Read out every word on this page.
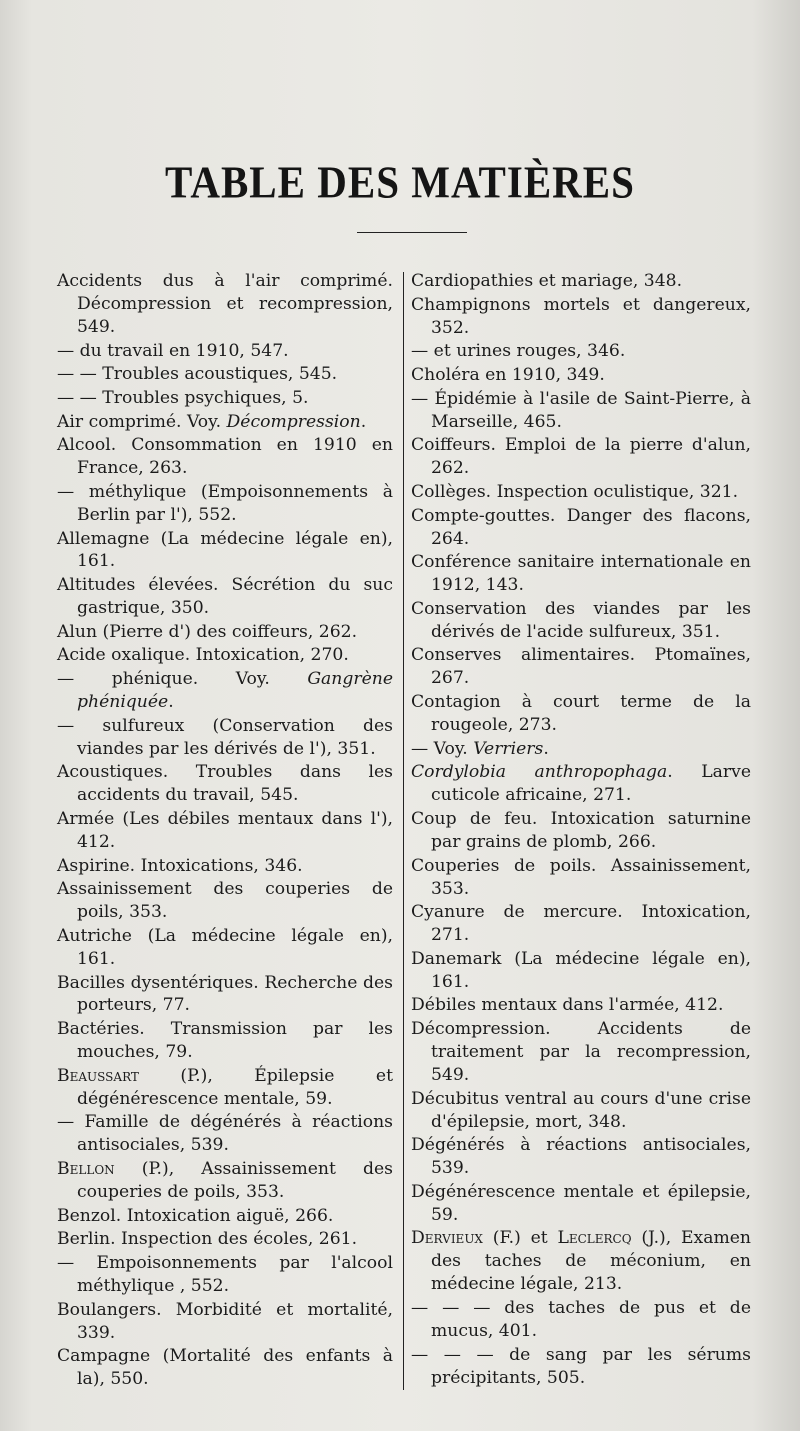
TABLE DES MATIÈRES

Accidents dus à l'air comprimé. Décompression et recompression, 549.

— du travail en 1910, 547.

— — Troubles acoustiques, 545.

— — Troubles psychiques, 5.

Air comprimé. Voy. Décompression.

Alcool. Consommation en 1910 en France, 263.

— méthylique (Empoisonnements à Berlin par l'), 552.

Allemagne (La médecine légale en), 161.

Altitudes élevées. Sécrétion du suc gastrique, 350.

Alun (Pierre d') des coiffeurs, 262.

Acide oxalique. Intoxication, 270.

— phénique. Voy. Gangrène phéniquée.

— sulfureux (Conservation des viandes par les dérivés de l'), 351.

Acoustiques. Troubles dans les accidents du travail, 545.

Armée (Les débiles mentaux dans l'), 412.

Aspirine. Intoxications, 346.

Assainissement des couperies de poils, 353.

Autriche (La médecine légale en), 161.

Bacilles dysentériques. Recherche des porteurs, 77.

Bactéries. Transmission par les mouches, 79.

Beaussart (P.), Épilepsie et dégénérescence mentale, 59.

— Famille de dégénérés à réactions antisociales, 539.

Bellon (P.), Assainissement des couperies de poils, 353.

Benzol. Intoxication aiguë, 266.

Berlin. Inspection des écoles, 261.

— Empoisonnements par l'alcool méthylique , 552.

Boulangers. Morbidité et mortalité, 339.

Campagne (Mortalité des enfants à la), 550.

Cardiopathies et mariage, 348.

Champignons mortels et dangereux, 352.

— et urines rouges, 346.

Choléra en 1910, 349.

— Épidémie à l'asile de Saint-Pierre, à Marseille, 465.

Coiffeurs. Emploi de la pierre d'alun, 262.

Collèges. Inspection oculistique, 321.

Compte-gouttes. Danger des flacons, 264.

Conférence sanitaire internationale en 1912, 143.

Conservation des viandes par les dérivés de l'acide sulfureux, 351.

Conserves alimentaires. Ptomaïnes, 267.

Contagion à court terme de la rougeole, 273.

— Voy. Verriers.

Cordylobia anthropophaga. Larve cuticole africaine, 271.

Coup de feu. Intoxication saturnine par grains de plomb, 266.

Couperies de poils. Assainissement, 353.

Cyanure de mercure. Intoxication, 271.

Danemark (La médecine légale en), 161.

Débiles mentaux dans l'armée, 412.

Décompression. Accidents de traitement par la recompression, 549.

Décubitus ventral au cours d'une crise d'épilepsie, mort, 348.

Dégénérés à réactions antisociales, 539.

Dégénérescence mentale et épilepsie, 59.

Dervieux (F.) et Leclercq (J.), Examen des taches de méconium, en médecine légale, 213.

— — — des taches de pus et de mucus, 401.

— — — de sang par les sérums précipitants, 505.
